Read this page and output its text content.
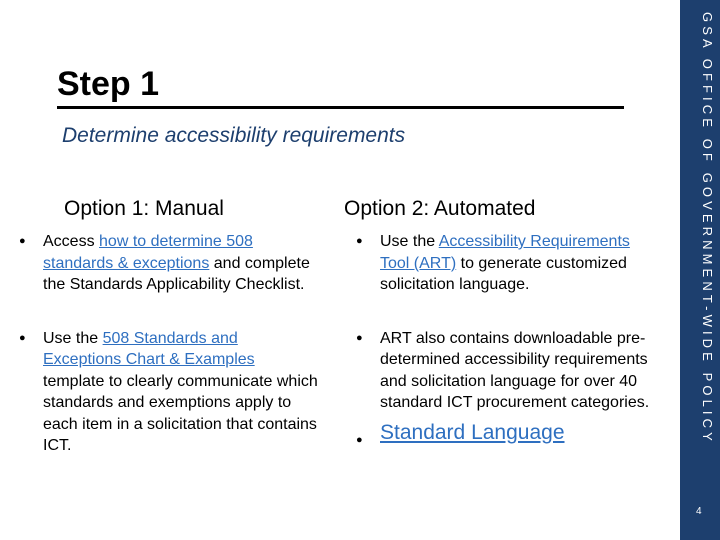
GSA OFFICE OF GOVERNMENT-WIDE POLICY
4
Step 1
Determine accessibility requirements
Option 1: Manual	Option 2: Automated
● Access how to determine 508 standards & exceptions and complete the Standards Applicability Checklist.
● Use the 508 Standards and Exceptions Chart & Examples template to clearly communicate which standards and exemptions apply to each item in a solicitation that contains ICT.
● Use the Accessibility Requirements Tool (ART) to generate customized solicitation language.
● ART also contains downloadable pre-determined accessibility requirements and solicitation language for over 40 standard ICT procurement categories.
● Standard Language
